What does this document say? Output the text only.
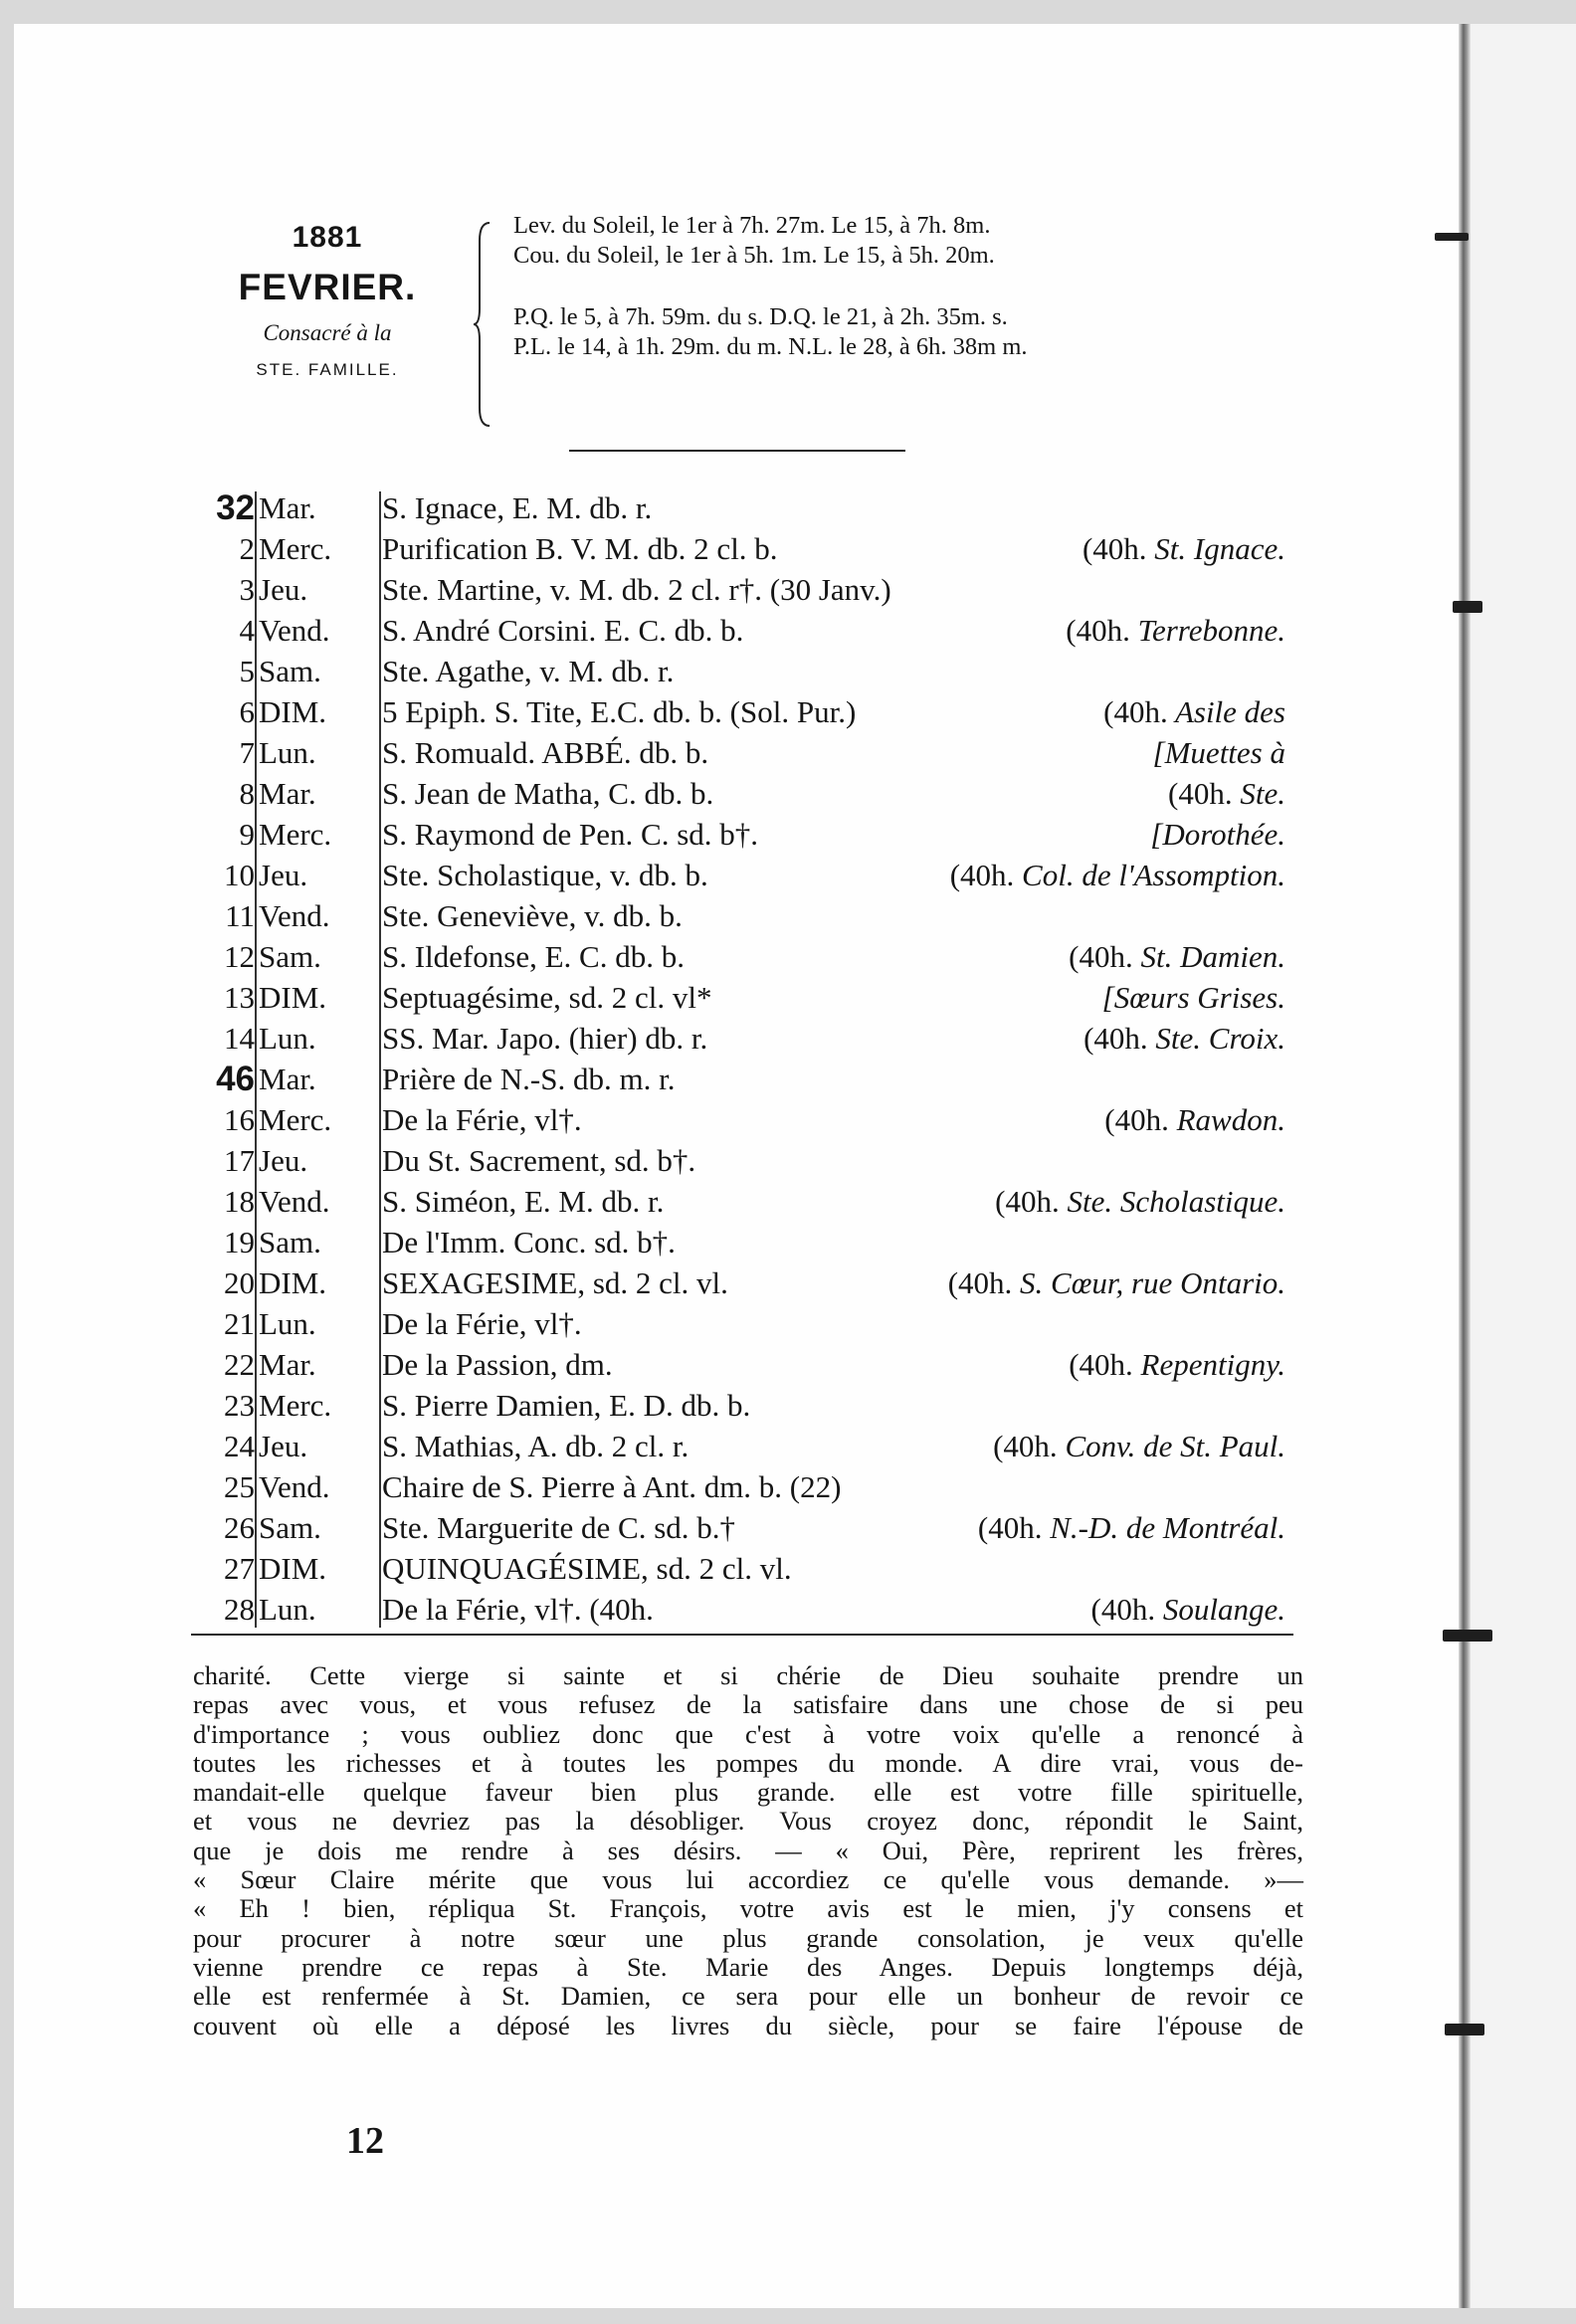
1881
FEVRIER.
Consacré à la
STE. FAMILLE.
Lev. du Soleil, le 1er à 7h. 27m. Le 15, à 7h. 8m.
Cou. du Soleil, le 1er à 5h. 1m. Le 15, à 5h. 20m.
P.Q. le 5, à 7h. 59m. du s. D.Q. le 21, à 2h. 35m. s.
P.L. le 14, à 1h. 29m. du m. N.L. le 28, à 6h. 38m m.
32 Mar. S. Ignace, E. M. db. r.
2 Merc. Purification B. V. M. db. 2 cl. b.	(40h. St. Ignace.
3 Jeu. Ste. Martine, v. M. db. 2 cl. r†. (30 Janv.)
4 Vend. S. André Corsini. E. C. db. b.	(40h. Terrebonne.
5 Sam. Ste. Agathe, v. M. db. r.
6 DIM. 5 Epiph. S. Tite, E.C. db. b. (Sol. Pur.)	(40h. Asile des
7 Lun. S. Romuald. ABBÉ. db. b.	[Muettes à
8 Mar. S. Jean de Matha, C. db. b.	(40h. Ste.
9 Merc. S. Raymond de Pen. C. sd. b†.	[Dorothée.
10 Jeu. Ste. Scholastique, v. db. b.	(40h. Col. de l'Assomption.
11 Vend. Ste. Geneviève, v. db. b.
12 Sam. S. Ildefonse, E. C. db. b.	(40h. St. Damien.
13 DIM. Septuagésime, sd. 2 cl. vl*	[Sœurs Grises.
14 Lun. SS. Mar. Japo. (hier) db. r.	(40h. Ste. Croix.
46 Mar. Prière de N.-S. db. m. r.
16 Merc. De la Férie, vl†.	(40h. Rawdon.
17 Jeu. Du St. Sacrement, sd. b†.
18 Vend. S. Siméon, E. M. db. r.	(40h. Ste. Scholastique.
19 Sam. De l'Imm. Conc. sd. b†.
20 DIM. SEXAGESIME, sd. 2 cl. vl.	(40h. S. Cœur, rue Ontario.
21 Lun. De la Férie, vl†.
22 Mar. De la Passion, dm.	(40h. Repentigny.
23 Merc. S. Pierre Damien, E. D. db. b.
24 Jeu. S. Mathias, A. db. 2 cl. r.	(40h. Conv. de St. Paul.
25 Vend. Chaire de S. Pierre à Ant. dm. b. (22)
26 Sam. Ste. Marguerite de C. sd. b.†	(40h. N.-D. de Montréal.
27 DIM. QUINQUAGÉSIME, sd. 2 cl. vl.
28 Lun. De la Férie, vl†. (40h.	(40h. Soulange.
charité. Cette vierge si sainte et si chérie de Dieu souhaite prendre un
repas avec vous, et vous refusez de la satisfaire dans une chose de si peu
d'importance ; vous oubliez donc que c'est à votre voix qu'elle a renoncé à
toutes les richesses et à toutes les pompes du monde. A dire vrai, vous de-
mandait-elle quelque faveur bien plus grande. elle est votre fille spirituelle,
et vous ne devriez pas la désobliger. Vous croyez donc, répondit le Saint,
que je dois me rendre à ses désirs. — « Oui, Père, reprirent les frères,
« Sœur Claire mérite que vous lui accordiez ce qu'elle vous demande. »—
« Eh ! bien, répliqua St. François, votre avis est le mien, j'y consens et
pour procurer à notre sœur une plus grande consolation, je veux qu'elle
vienne prendre ce repas à Ste. Marie des Anges. Depuis longtemps déjà,
elle est renfermée à St. Damien, ce sera pour elle un bonheur de revoir ce
couvent où elle a déposé les livres du siècle, pour se faire l'épouse de
12
